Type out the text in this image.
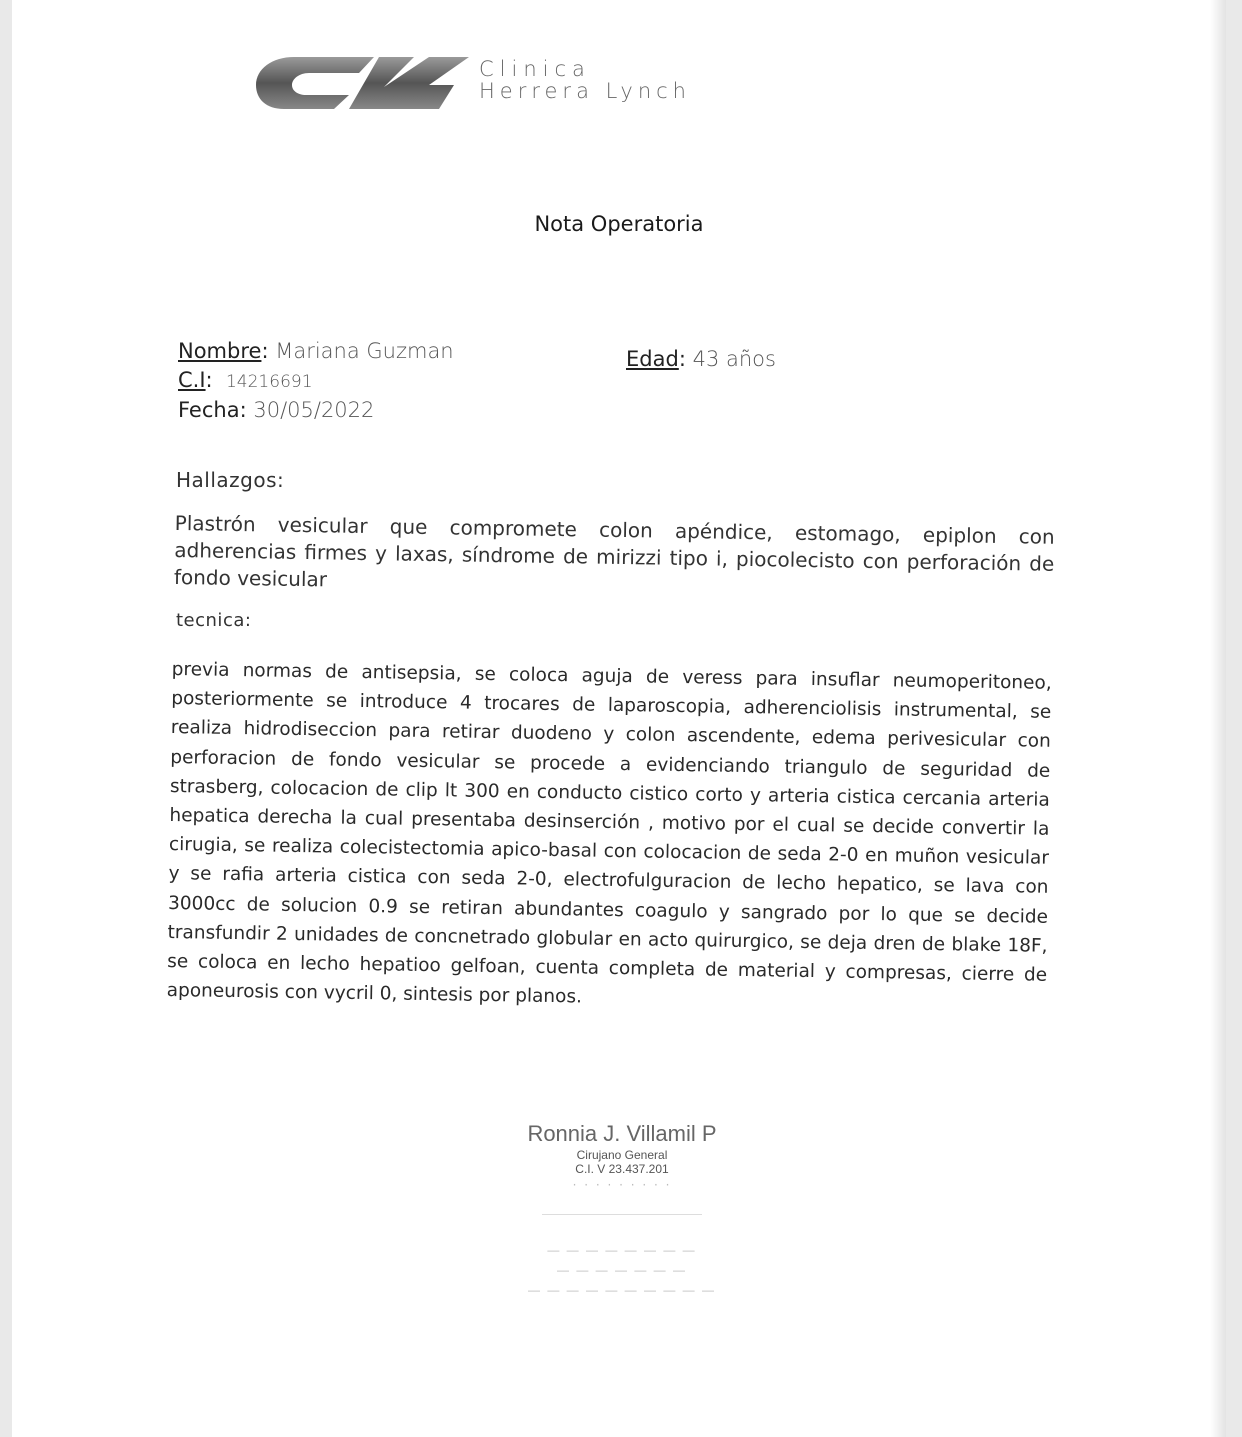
Clinica
Herrera Lynch
Nota Operatoria
Nombre: Mariana Guzman
C.I:  14216691
Fecha: 30/05/2022
Edad: 43 años
Hallazgos:
Plastrón vesicular que compromete colon apéndice, estomago, epiplon con adherencias firmes y laxas, síndrome de mirizzi tipo i, piocolecisto con perforación de fondo vesicular
tecnica:
previa normas de antisepsia, se coloca aguja de veress para insuflar neumoperitoneo, posteriormente se introduce 4 trocares de laparoscopia, adherenciolisis instrumental, se realiza hidrodiseccion para retirar duodeno y colon ascendente, edema perivesicular con perforacion de fondo vesicular se procede a evidenciando triangulo de seguridad de strasberg, colocacion de clip lt 300 en conducto cistico corto y arteria cistica cercania arteria hepatica derecha la cual presentaba desinserción , motivo por el cual se decide convertir la cirugia, se realiza colecistectomia apico-basal con colocacion de seda 2-0 en muñon vesicular y se rafia arteria cistica con seda 2-0, electrofulguracion de lecho hepatico, se lava con 3000cc de solucion 0.9 se retiran abundantes coagulo y sangrado por lo que se decide transfundir 2 unidades de concnetrado globular en acto quirurgico, se deja dren de blake 18F, se coloca en lecho hepatioo gelfoan, cuenta completa de material y compresas, cierre de aponeurosis con vycril 0, sintesis por planos.
Ronnia J. Villamil P
Cirujano General
C.I. V 23.437.201
· · · · · · · · ·
— — — — — — — —
— — — — — — —
— — — — — — — — — —
